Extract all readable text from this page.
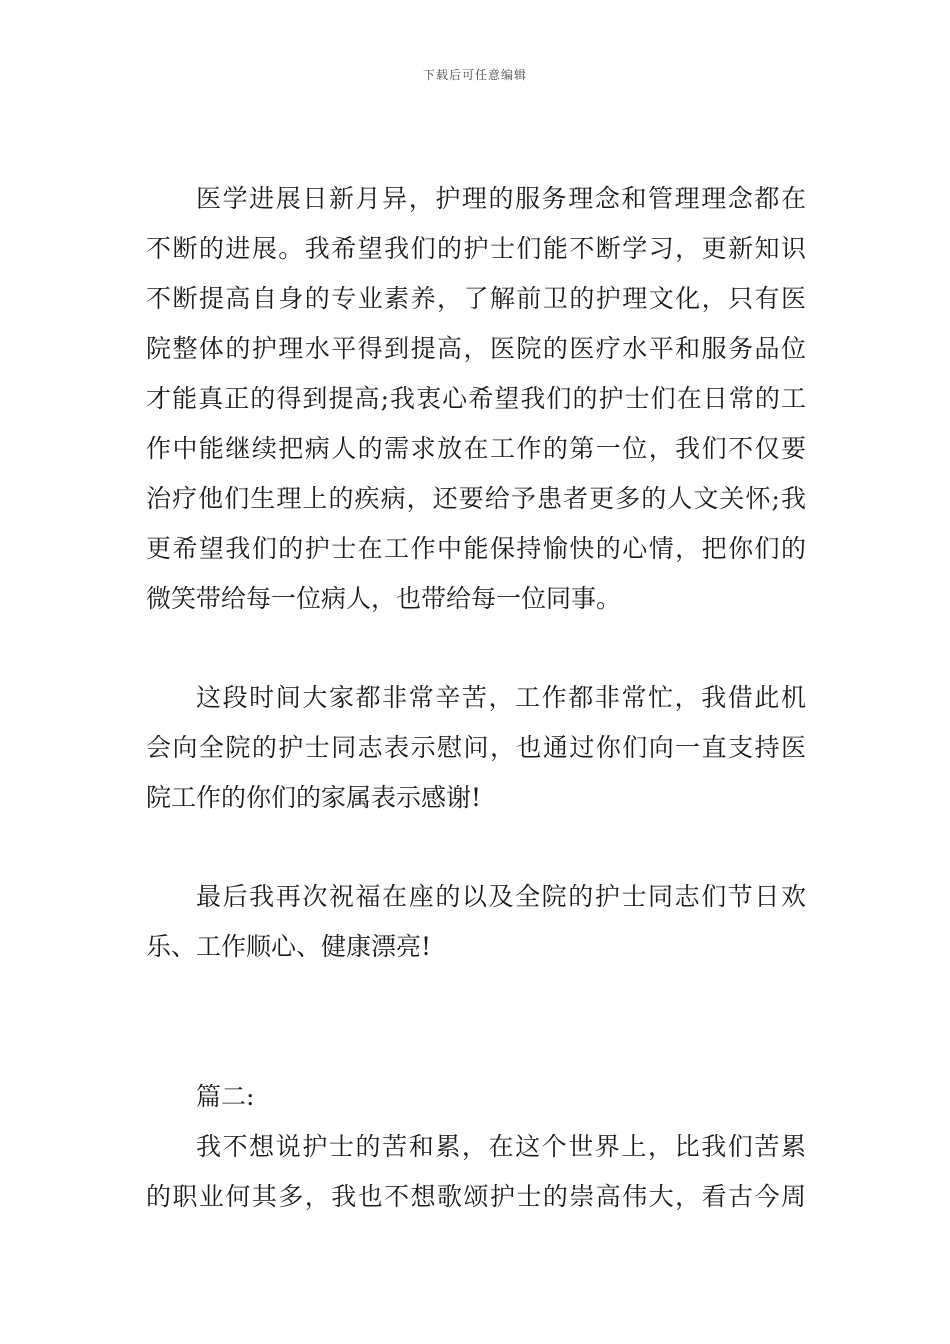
下载后可任意编辑
医学进展日新月异，护理的服务理念和管理理念都在
不断的进展。我希望我们的护士们能不断学习，更新知识
不断提高自身的专业素养，了解前卫的护理文化，只有医
院整体的护理水平得到提高，医院的医疗水平和服务品位
才能真正的得到提高;我衷心希望我们的护士们在日常的工
作中能继续把病人的需求放在工作的第一位，我们不仅要
治疗他们生理上的疾病，还要给予患者更多的人文关怀;我
更希望我们的护士在工作中能保持愉快的心情，把你们的
微笑带给每一位病人，也带给每一位同事。
这段时间大家都非常辛苦，工作都非常忙，我借此机
会向全院的护士同志表示慰问，也通过你们向一直支持医
院工作的你们的家属表示感谢!
最后我再次祝福在座的以及全院的护士同志们节日欢
乐、工作顺心、健康漂亮!
篇二:
我不想说护士的苦和累，在这个世界上，比我们苦累
的职业何其多，我也不想歌颂护士的崇高伟大，看古今周
